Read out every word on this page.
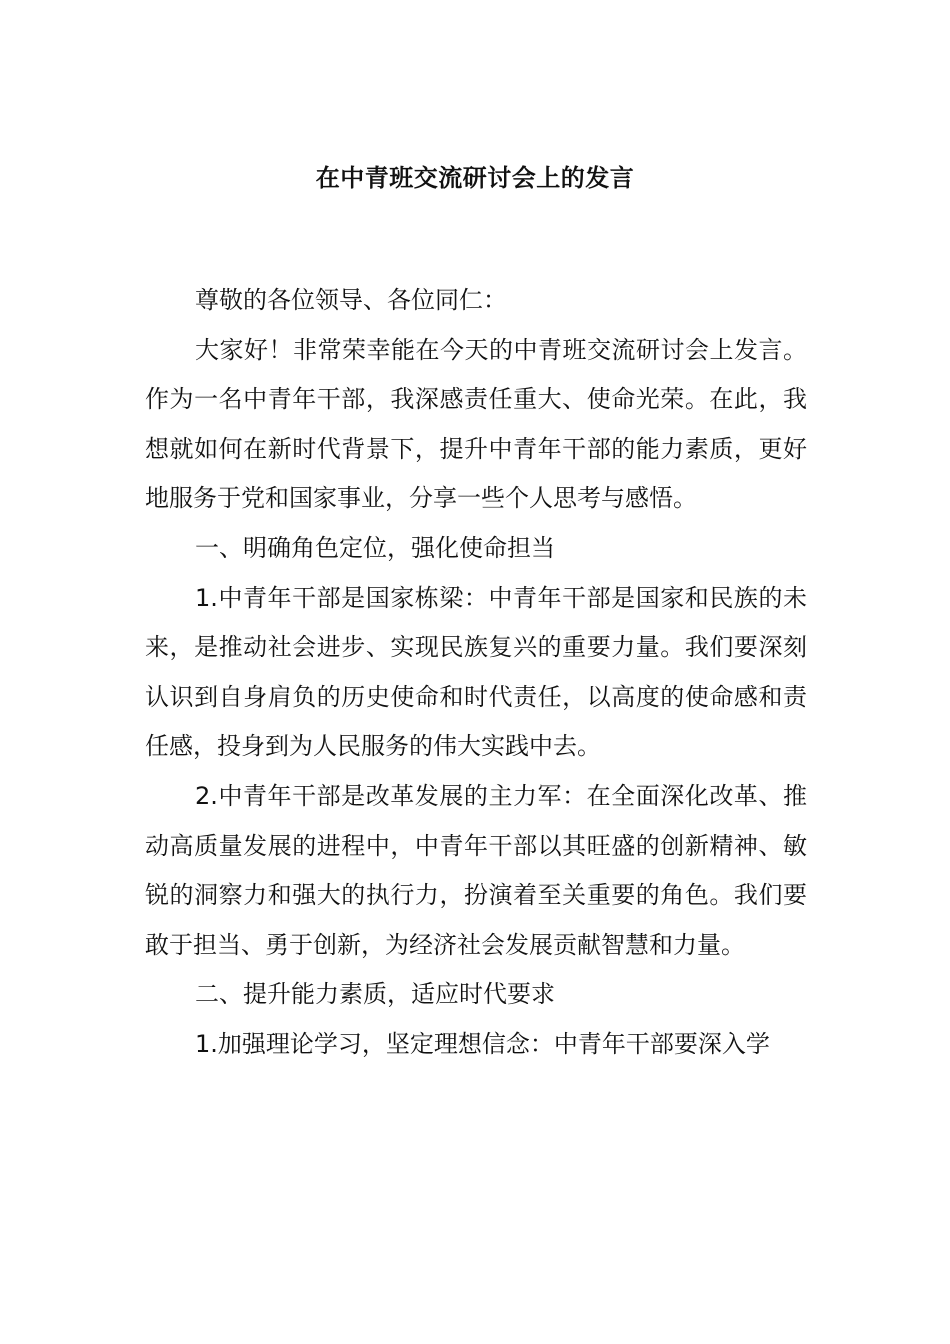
在中青班交流研讨会上的发言

尊敬的各位领导、各位同仁：

大家好！非常荣幸能在今天的中青班交流研讨会上发言。作为一名中青年干部，我深感责任重大、使命光荣。在此，我想就如何在新时代背景下，提升中青年干部的能力素质，更好地服务于党和国家事业，分享一些个人思考与感悟。

一、明确角色定位，强化使命担当

1.中青年干部是国家栋梁：中青年干部是国家和民族的未来，是推动社会进步、实现民族复兴的重要力量。我们要深刻认识到自身肩负的历史使命和时代责任，以高度的使命感和责任感，投身到为人民服务的伟大实践中去。

2.中青年干部是改革发展的主力军：在全面深化改革、推动高质量发展的进程中，中青年干部以其旺盛的创新精神、敏锐的洞察力和强大的执行力，扮演着至关重要的角色。我们要敢于担当、勇于创新，为经济社会发展贡献智慧和力量。

二、提升能力素质，适应时代要求

1.加强理论学习，坚定理想信念：中青年干部要深入学
